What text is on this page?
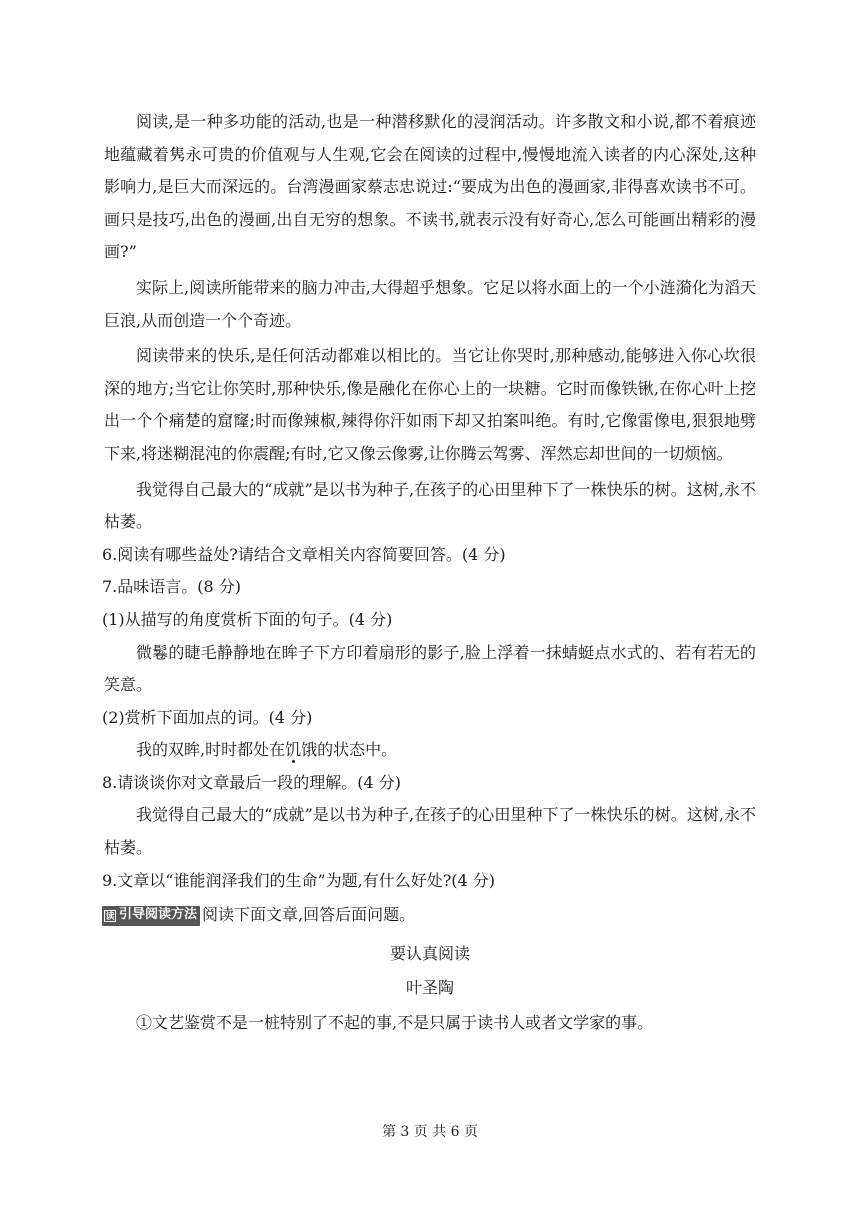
阅读,是一种多功能的活动,也是一种潜移默化的浸润活动。许多散文和小说,都不着痕迹地蕴藏着隽永可贵的价值观与人生观,它会在阅读的过程中,慢慢地流入读者的内心深处,这种影响力,是巨大而深远的。台湾漫画家蔡志忠说过:“要成为出色的漫画家,非得喜欢读书不可。画只是技巧,出色的漫画,出自无穷的想象。不读书,就表示没有好奇心,怎么可能画出精彩的漫画?”
实际上,阅读所能带来的脑力冲击,大得超乎想象。它足以将水面上的一个小涟漪化为滔天巨浪,从而创造一个个奇迹。
阅读带来的快乐,是任何活动都难以相比的。当它让你哭时,那种感动,能够进入你心坎很深的地方;当它让你笑时,那种快乐,像是融化在你心上的一块糖。它时而像铁锹,在你心叶上挖出一个个痛楚的窟窿;时而像辣椒,辣得你汗如雨下却又拍案叫绝。有时,它像雷像电,狠狠地劈下来,将迷糊混沌的你震醒;有时,它又像云像雾,让你腾云驾雾、浑然忘却世间的一切烦恼。
我觉得自己最大的“成就”是以书为种子,在孩子的心田里种下了一株快乐的树。这树,永不枯萎。
6.阅读有哪些益处?请结合文章相关内容简要回答。(4 分)
7.品味语言。(8 分)
(1)从描写的角度赏析下面的句子。(4 分)
微鬈的睫毛静静地在眸子下方印着扇形的影子,脸上浮着一抹蜻蜓点水式的、若有若无的笑意。
(2)赏析下面加点的词。(4 分)
我的双眸,时时都处在饥饿的状态中。
8.请谈谈你对文章最后一段的理解。(4 分)
我觉得自己最大的“成就”是以书为种子,在孩子的心田里种下了一株快乐的树。这树,永不枯萎。
9.文章以“谁能润泽我们的生命”为题,有什么好处?(4 分)
读 引导阅读方法 阅读下面文章,回答后面问题。
要认真阅读
叶圣陶
①文艺鉴赏不是一桩特别了不起的事,不是只属于读书人或者文学家的事。
第 3 页 共 6 页
